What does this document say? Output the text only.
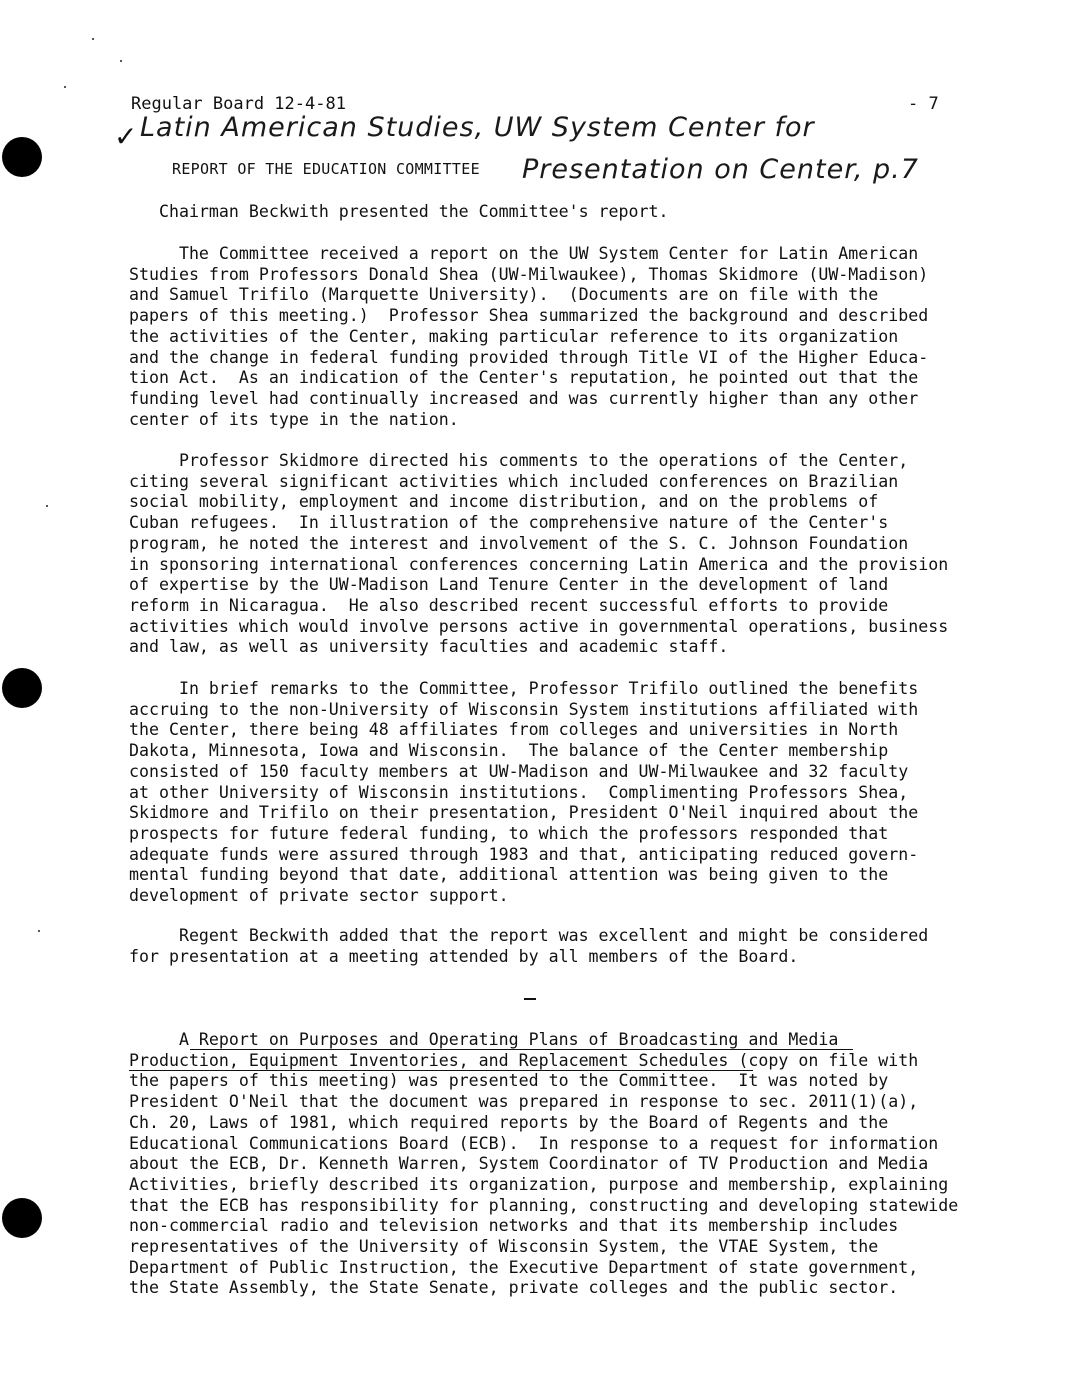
Regular Board 12-4-81	- 7
✓ Latin American Studies, UW System Center for
Presentation on Center, p.7
REPORT OF THE EDUCATION COMMITTEE
Chairman Beckwith presented the Committee's report.
The Committee received a report on the UW System Center for Latin American
Studies from Professors Donald Shea (UW-Milwaukee), Thomas Skidmore (UW-Madison)
and Samuel Trifilo (Marquette University).  (Documents are on file with the
papers of this meeting.)  Professor Shea summarized the background and described
the activities of the Center, making particular reference to its organization
and the change in federal funding provided through Title VI of the Higher Educa-
tion Act.  As an indication of the Center's reputation, he pointed out that the
funding level had continually increased and was currently higher than any other
center of its type in the nation.
Professor Skidmore directed his comments to the operations of the Center,
citing several significant activities which included conferences on Brazilian
social mobility, employment and income distribution, and on the problems of
Cuban refugees.  In illustration of the comprehensive nature of the Center's
program, he noted the interest and involvement of the S. C. Johnson Foundation
in sponsoring international conferences concerning Latin America and the provision
of expertise by the UW-Madison Land Tenure Center in the development of land
reform in Nicaragua.  He also described recent successful efforts to provide
activities which would involve persons active in governmental operations, business
and law, as well as university faculties and academic staff.
In brief remarks to the Committee, Professor Trifilo outlined the benefits
accruing to the non-University of Wisconsin System institutions affiliated with
the Center, there being 48 affiliates from colleges and universities in North
Dakota, Minnesota, Iowa and Wisconsin.  The balance of the Center membership
consisted of 150 faculty members at UW-Madison and UW-Milwaukee and 32 faculty
at other University of Wisconsin institutions.  Complimenting Professors Shea,
Skidmore and Trifilo on their presentation, President O'Neil inquired about the
prospects for future federal funding, to which the professors responded that
adequate funds were assured through 1983 and that, anticipating reduced govern-
mental funding beyond that date, additional attention was being given to the
development of private sector support.
Regent Beckwith added that the report was excellent and might be considered
for presentation at a meeting attended by all members of the Board.
A Report on Purposes and Operating Plans of Broadcasting and Media
Production, Equipment Inventories, and Replacement Schedules (copy on file with
the papers of this meeting) was presented to the Committee.  It was noted by
President O'Neil that the document was prepared in response to sec. 2011(1)(a),
Ch. 20, Laws of 1981, which required reports by the Board of Regents and the
Educational Communications Board (ECB).  In response to a request for information
about the ECB, Dr. Kenneth Warren, System Coordinator of TV Production and Media
Activities, briefly described its organization, purpose and membership, explaining
that the ECB has responsibility for planning, constructing and developing statewide
non-commercial radio and television networks and that its membership includes
representatives of the University of Wisconsin System, the VTAE System, the
Department of Public Instruction, the Executive Department of state government,
the State Assembly, the State Senate, private colleges and the public sector.
